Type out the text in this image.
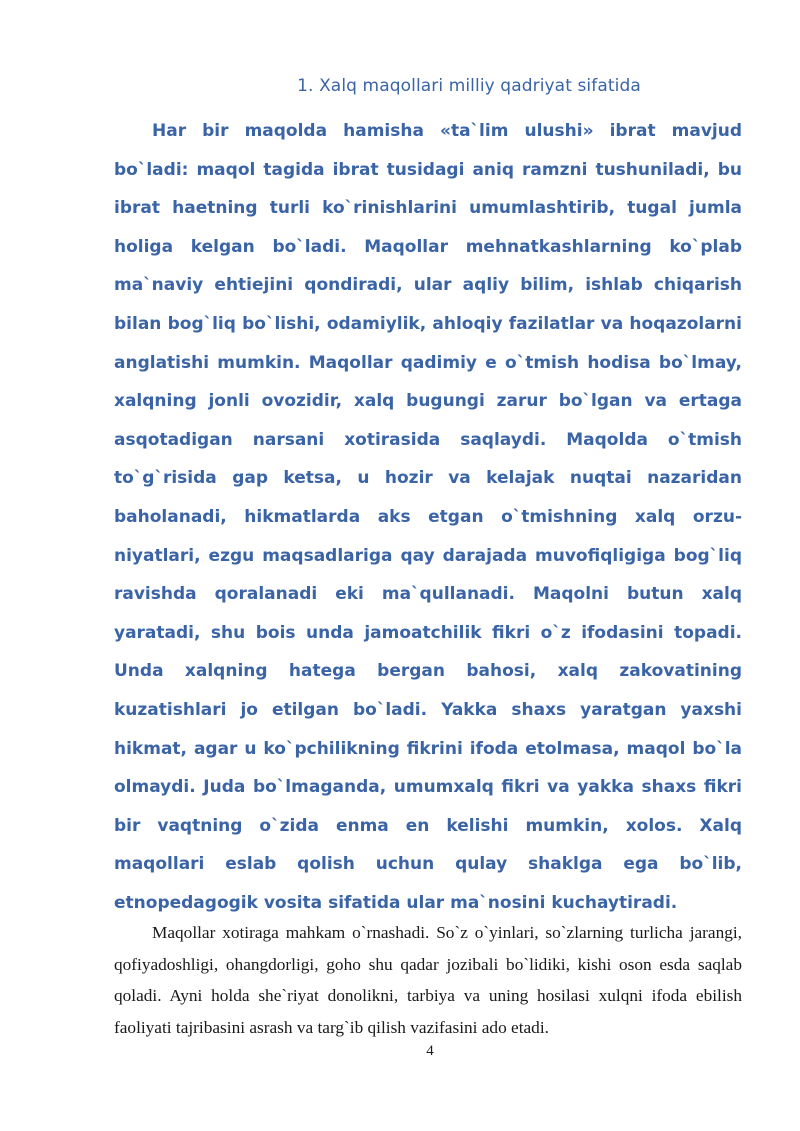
1. Xalq maqollari milliy qadriyat sifatida

Har bir maqolda hamisha «ta`lim ulushi» ibrat mavjud bo`ladi: maqol tagida ibrat tusidagi aniq ramzni tushuniladi, bu ibrat haetning turli ko`rinishlarini umumlashtirib, tugal jumla holiga kelgan bo`ladi. Maqollar mehnatkashlarning ko`plab ma`naviy ehtiejini qondiradi, ular aqliy bilim, ishlab chiqarish bilan bog`liq bo`lishi, odamiylik, ahloqiy fazilatlar va hoqazolarni anglatishi mumkin. Maqollar qadimiy e o`tmish hodisa bo`lmay, xalqning jonli ovozidir, xalq bugungi zarur bo`lgan va ertaga asqotadigan narsani xotirasida saqlaydi. Maqolda o`tmish to`g`risida gap ketsa, u hozir va kelajak nuqtai nazaridan baholanadi, hikmatlarda aks etgan o`tmishning xalq orzu-niyatlari, ezgu maqsadlariga qay darajada muvofiqligiga bog`liq ravishda qoralanadi eki ma`qullanadi. Maqolni butun xalq yaratadi, shu bois unda jamoatchilik fikri o`z ifodasini topadi. Unda xalqning hatega bergan bahosi, xalq zakovatining kuzatishlari jo etilgan bo`ladi. Yakka shaxs yaratgan yaxshi hikmat, agar u ko`pchilikning fikrini ifoda etolmasa, maqol bo`la olmaydi. Juda bo`lmaganda, umumxalq fikri va yakka shaxs fikri bir vaqtning o`zida enma en kelishi mumkin, xolos. Xalq maqollari eslab qolish uchun qulay shaklga ega bo`lib, etnopedagogik vosita sifatida ular ma`nosini kuchaytiradi.

Maqollar xotiraga mahkam o`rnashadi. So`z o`yinlari, so`zlarning turlicha jarangi, qofiyadoshligi, ohangdorligi, goho shu qadar jozibali bo`lidiki, kishi oson esda saqlab qoladi. Ayni holda she`riyat donolikni, tarbiya va uning hosilasi xulqni ifoda ebilish faoliyati tajribasini asrash va targ`ib qilish vazifasini ado etadi.

4
